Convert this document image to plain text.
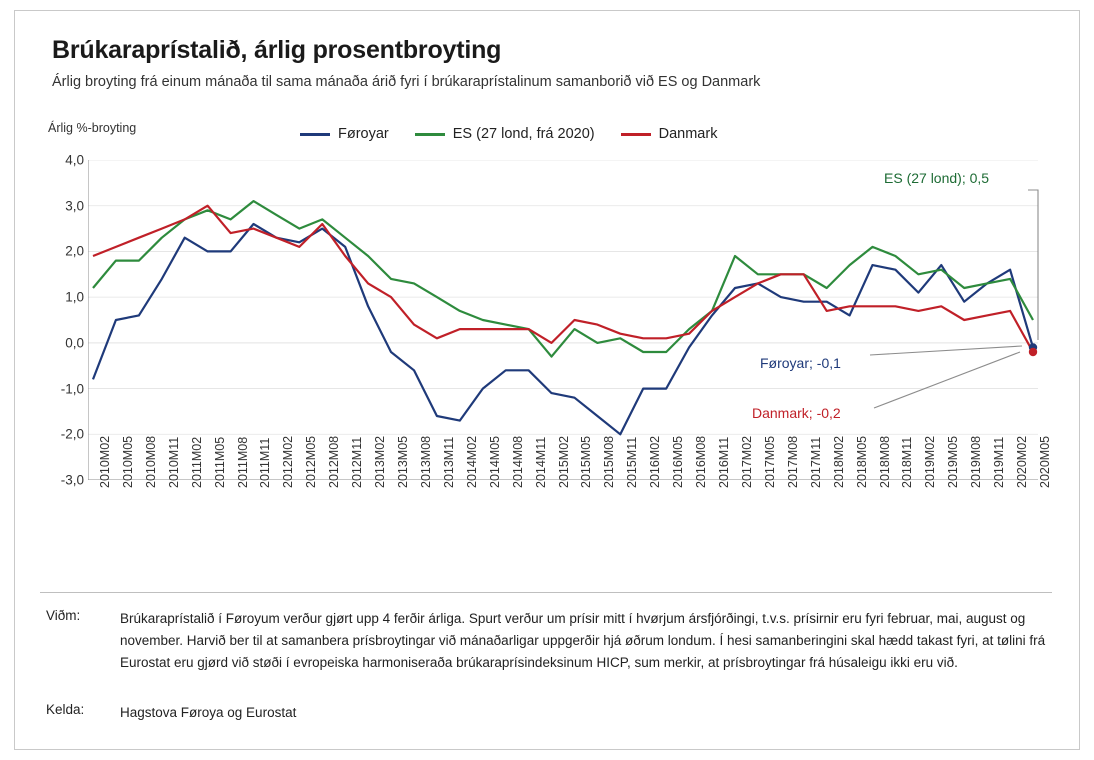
Brúkaraprístalið, árlig prosentbroyting
Árlig broyting frá einum mánaða til sama mánaða árið fyri í brúkaraprístalinum samanborið við ES og Danmark
Árlig %-broyting	Føroyar	ES (27 lond, frá 2020)	Danmark
4,0
3,0
2,0
1,0
0,0
-1,0
-2,0
-3,0 2010M02 2010M05 2010M08 2010M11 2011M02 2011M05 2011M08 2011M11 2012M02 2012M05 2012M08 2012M11 2013M02 2013M05 2013M08 2013M11 2014M02 2014M05 2014M08 2014M11 2015M02 2015M05 2015M08 2015M11 2016M02 2016M05 2016M08 2016M11 2017M02 2017M05 2017M08 2017M11 2018M02 2018M05 2018M08 2018M11 2019M02 2019M05 2019M08 2019M11 2020M02 2020M05
ES (27 lond); 0,5
Føroyar; -0,1
Danmark; -0,2
Viðm:	Brúkaraprístalið í Føroyum verður gjørt upp 4 ferðir árliga. Spurt verður um prísir mitt í hvørjum ársfjórðingi, t.v.s. prísirnir eru fyri februar, mai, august og november. Harvið ber til at samanbera prísbroytingar við mánaðarligar uppgerðir hjá øðrum londum. Í hesi samanberingini skal hædd takast fyri, at tølini frá Eurostat eru gjørd við støði í evropeiska harmoniseraða brúkaraprísindeksinum HICP, sum merkir, at prísbroytingar frá húsaleigu ikki eru við.
Kelda:	Hagstova Føroya og Eurostat
